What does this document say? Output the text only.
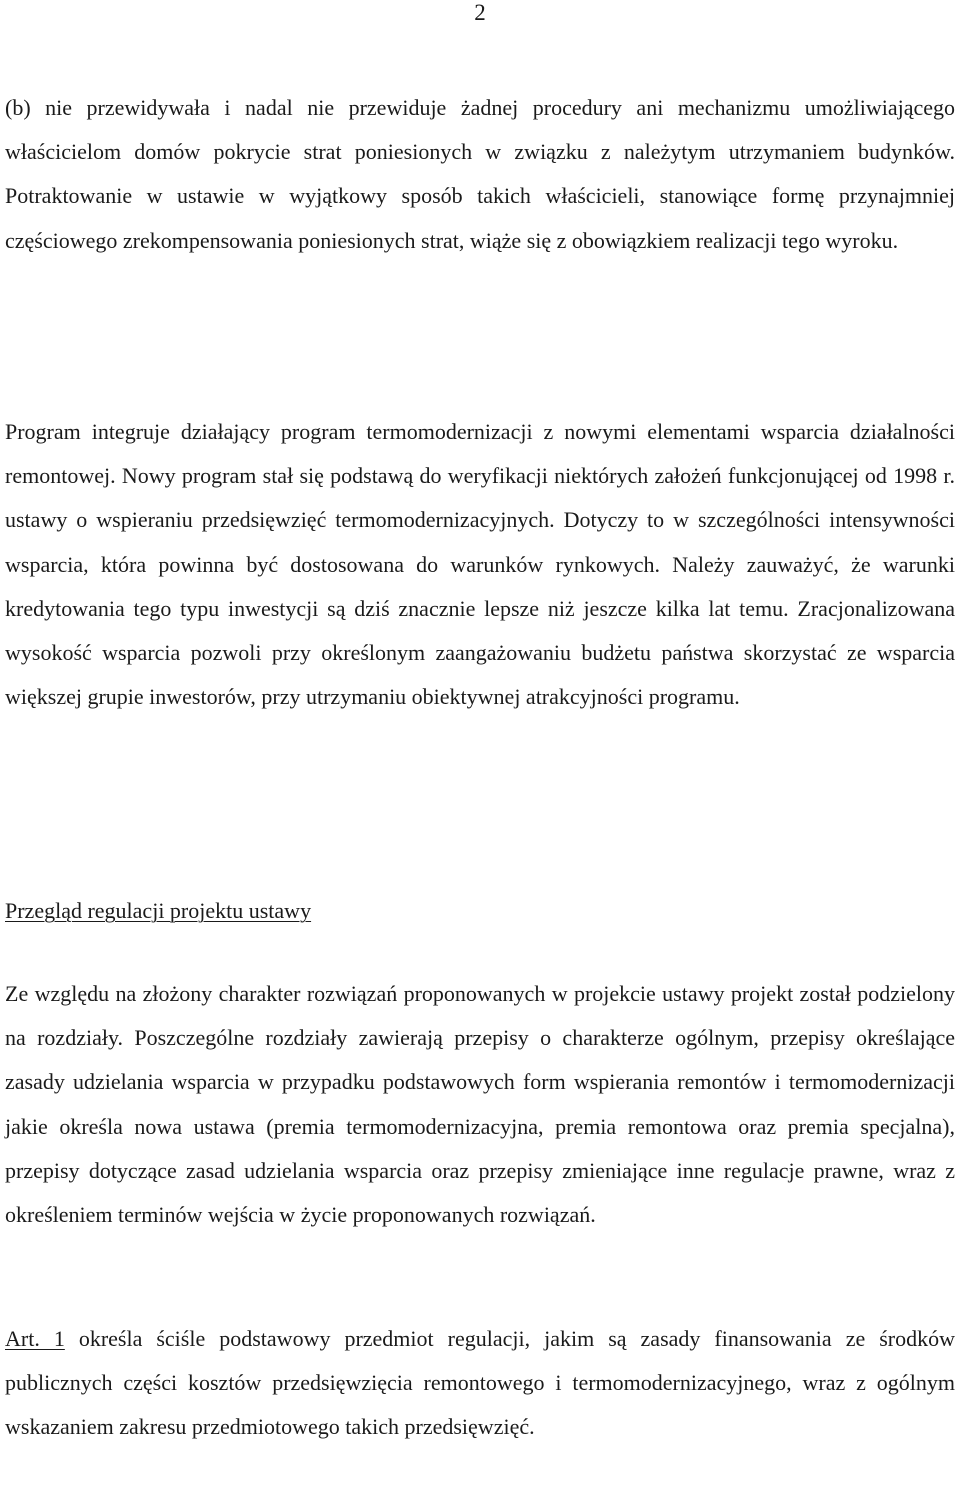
2
(b) nie przewidywała i nadal nie przewiduje żadnej procedury ani mechanizmu umożliwiającego właścicielom domów pokrycie strat poniesionych w związku z należytym utrzymaniem budynków. Potraktowanie w ustawie w wyjątkowy sposób takich właścicieli, stanowiące formę przynajmniej częściowego zrekompensowania poniesionych strat, wiąże się z obowiązkiem realizacji tego wyroku.

Program integruje działający program termomodernizacji z nowymi elementami wsparcia działalności remontowej. Nowy program stał się podstawą do weryfikacji niektórych założeń funkcjonującej od 1998 r. ustawy o wspieraniu przedsięwzięć termomodernizacyjnych. Dotyczy to w szczególności intensywności wsparcia, która powinna być dostosowana do warunków rynkowych. Należy zauważyć, że warunki kredytowania tego typu inwestycji są dziś znacznie lepsze niż jeszcze kilka lat temu. Zracjonalizowana wysokość wsparcia pozwoli przy określonym zaangażowaniu budżetu państwa skorzystać ze wsparcia większej grupie inwestorów, przy utrzymaniu obiektywnej atrakcyjności programu.

Przegląd regulacji projektu ustawy

Ze względu na złożony charakter rozwiązań proponowanych w projekcie ustawy projekt został podzielony na rozdziały. Poszczególne rozdziały zawierają przepisy o charakterze ogólnym, przepisy określające zasady udzielania wsparcia w przypadku podstawowych form wspierania remontów i termomodernizacji jakie określa nowa ustawa (premia termomodernizacyjna, premia remontowa oraz premia specjalna), przepisy dotyczące zasad udzielania wsparcia oraz przepisy zmieniające inne regulacje prawne, wraz z określeniem terminów wejścia w życie proponowanych rozwiązań.

Art. 1 określa ściśle podstawowy przedmiot regulacji, jakim są zasady finansowania ze środków publicznych części kosztów przedsięwzięcia remontowego i termomodernizacyjnego, wraz z ogólnym wskazaniem zakresu przedmiotowego takich przedsięwzięć.
